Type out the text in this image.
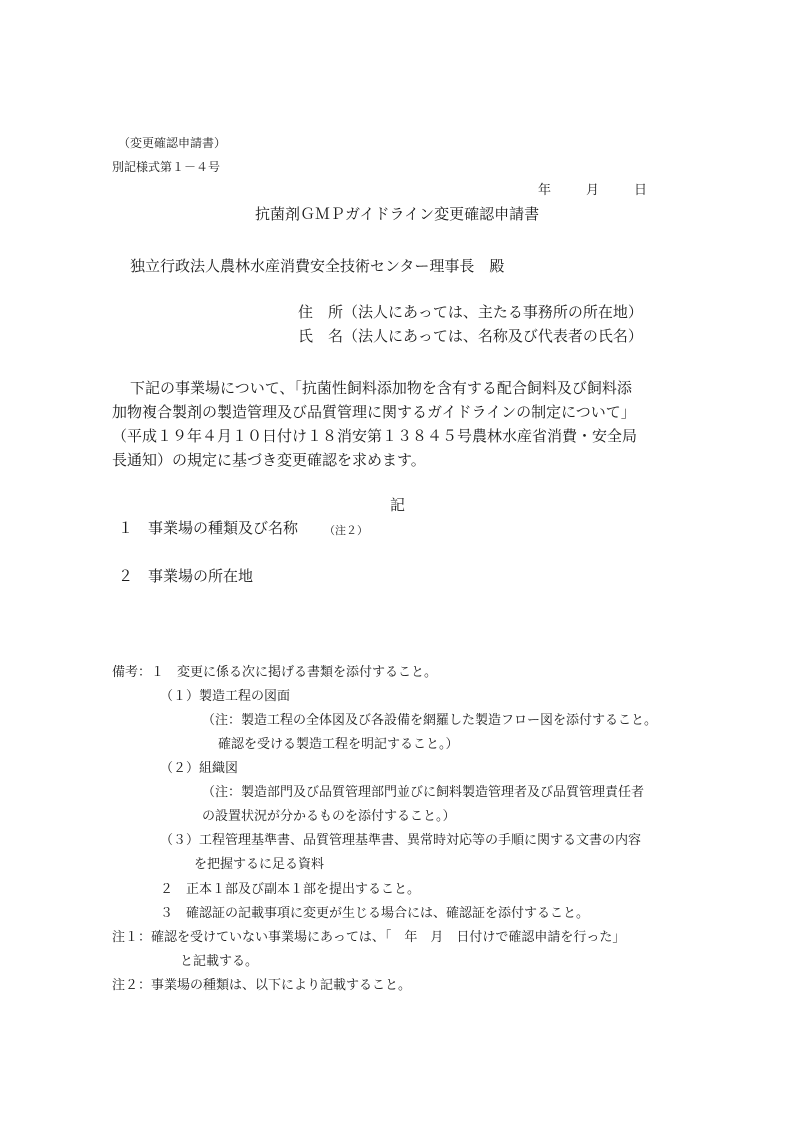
（変更確認申請書）
別記様式第１－４号
年	月	日
抗菌剤ＧＭＰガイドライン変更確認申請書
独立行政法人農林水産消費安全技術センター理事長　殿
住　所（法人にあっては、主たる事務所の所在地）
氏　名（法人にあっては、名称及び代表者の氏名）
下記の事業場について、「抗菌性飼料添加物を含有する配合飼料及び飼料添
加物複合製剤の製造管理及び品質管理に関するガイドラインの制定について」
（平成１９年４月１０日付け１８消安第１３８４５号農林水産省消費・安全局
長通知）の規定に基づき変更確認を求めます。
記
１　事業場の種類及び名称 （注２）
２　事業場の所在地
備考：１　変更に係る次に掲げる書類を添付すること。
（１）製造工程の図面
（注：製造工程の全体図及び各設備を網羅した製造フロー図を添付すること。
確認を受ける製造工程を明記すること。）
（２）組織図
（注：製造部門及び品質管理部門並びに飼料製造管理者及び品質管理責任者
の設置状況が分かるものを添付すること。）
（３）工程管理基準書、品質管理基準書、異常時対応等の手順に関する文書の内容
を把握するに足る資料
２　正本１部及び副本１部を提出すること。
３　確認証の記載事項に変更が生じる場合には、確認証を添付すること。
注１：確認を受けていない事業場にあっては、「　年　月　日付けで確認申請を行った」
と記載する。
注２：事業場の種類は、以下により記載すること。
